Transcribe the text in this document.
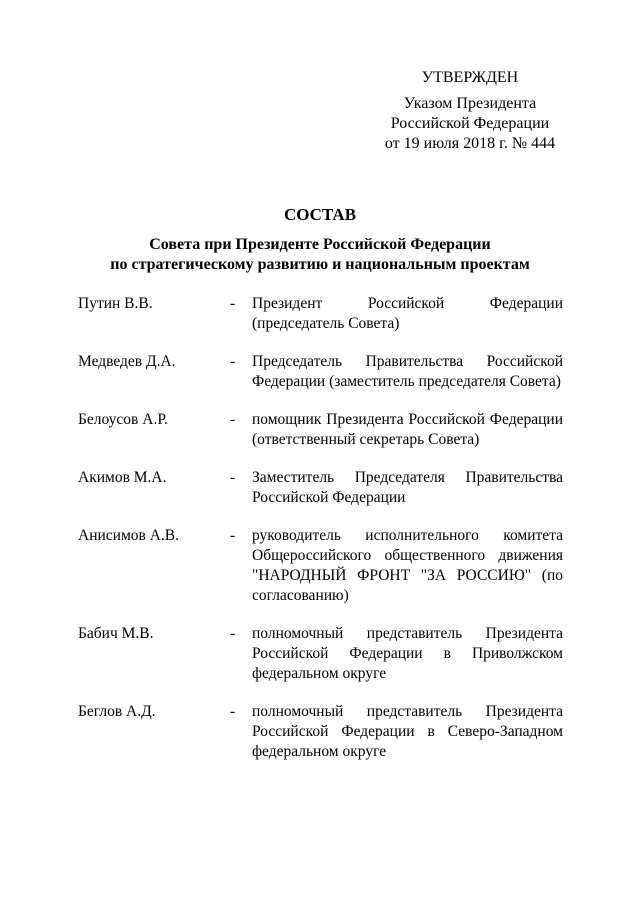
УТВЕРЖДЕН
Указом Президента
Российской Федерации
от 19 июля 2018 г. № 444
СОСТАВ
Совета при Президенте Российской Федерации
по стратегическому развитию и национальным проектам
Путин В.В.	-	Президент Российской Федерации (председатель Совета)
Медведев Д.А.	-	Председатель Правительства Российской Федерации (заместитель председателя Совета)
Белоусов А.Р.	-	помощник Президента Российской Федерации (ответственный секретарь Совета)
Акимов М.А.	-	Заместитель Председателя Правительства Российской Федерации
Анисимов А.В.	-	руководитель исполнительного комитета Общероссийского общественного движения "НАРОДНЫЙ ФРОНТ "ЗА РОССИЮ" (по согласованию)
Бабич М.В.	-	полномочный представитель Президента Российской Федерации в Приволжском федеральном округе
Беглов А.Д.	-	полномочный представитель Президента Российской Федерации в Северо-Западном федеральном округе
